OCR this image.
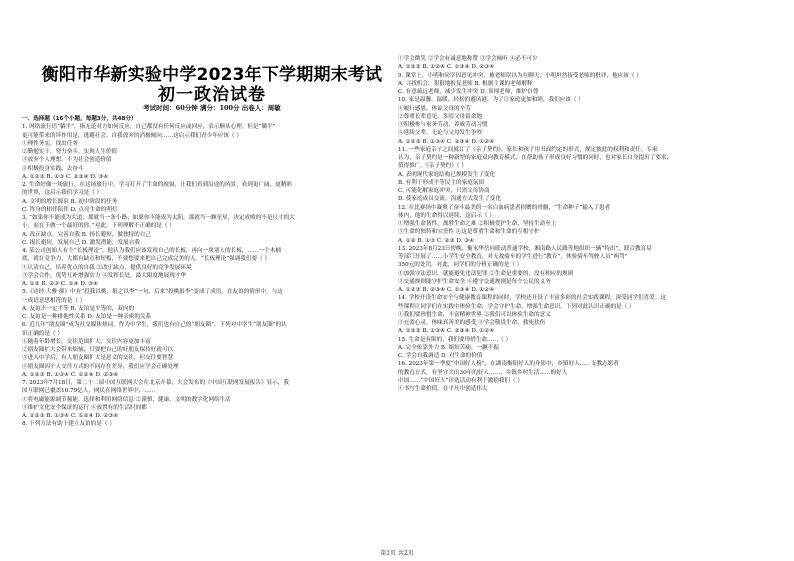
衡阳市华新实验中学2023年下学期期末考试
初一政治试卷
考试时间：60分钟 满分：100分 出卷人：周敏
一、选择题（16个小题，每题3分，共48分）
1. 网络流行语“躺平”，指无论对方如何反应，自己都没有任何反应或回应，表示顺从心理。但是“躺平”
更可能带来的坏作用是，逃避社会、自我放弃的消极倾向……这启示我们青少年应该（ ）
①理性务实，找出任务
②勤勉实干，努力奋斗，实现人生价值
③放弃个人理想，不为社会创造价值
④积极投身实践，去奋斗
A. ①②③ B. ①③ C. ②③④ D. ③④
2. 生命好像一场旅行，在这场旅行中，学习打开了生命的视窗，让我们看到沿途的风景，看到更广阔、更精彩
的世界，这启示我们学习是（ ）
A. 文明的增长源泉 B. 初中阶段的任务
C. 终身的相伴陪伴 D. 点亮生命的明灯
3. “如果你不能成为大道，那就当一条小路；如果你不能成为太阳，那就当一颗星星，决定成败的不是尺寸的大
小，而在于做一个最好的你。”对此，下列理解不正确的是（ ）
A. 改正缺点，完善自我 B. 扬长避短，做独特的自己
C. 揭长避短，发展自己 D. 激发潜能，发展自我
4. 某公司创始人有个“长板理论”，他认为我们应该发现自己的长板，再向一块别人的长板，……一个木桶
底，就在竞争力，大都有缺点和短板，不要想要来把自己完成完美的人。“长板理论”强调我们要（ ）
①认清自己，培养优点的自我 ②改正缺点，提供良好的竞争发展环境
③学会合作，优势互补增强实力 ④发挥长处，最大限度地展现才华
A. ①② B. ②③ C. ①④ D. ③④
5.《诗经·大雅·抑》中有“投我以桃，报之以李”一句，后来“投桃报李”变成了成语。在友谊的情形中，与这
一成语意思相符的是（ ）
A. 友谊不一定平等 B. 友谊是平等的，双向的
C. 友谊是一种排他性关系 D. 友谊是一种亲密的关系
6. 近几年“朋友圈”成为社交媒体热词。作为中学生，我们也有自己的“朋友圈”。下列对中学生“朋友圈”的认
识正确的是（ ）
①随着年龄增长，交往范围扩大，交往内容更加丰富
②朋友圈扩大会带来烦恼，只要把自己的好朋友保持好就可以
③进入中学后，有人朋友圈扩大是意义的交往，但交往要智慧
④朋友圈因个人交往方式的不同存在差异，我们应学会正确处理
A. ①②③ B. ①③④ C. ①②④ D. ②③④
7. 2023年7月18日，第二十二届中国互联网大会在北京开幕，大会发布的《中国互联网发展报告》显示，我
国互联网已覆盖10.79亿人，网民在网络世界中，……
①将电磁能源调节频能，选择和利用网络信息 ②谨慎，健康、文明的数字化网络生活
③维护文化安全保证的运行 ④放置有的生活时间都
A. ①②③ B. ①③④ C. ①②④ D. ②③④
8. 下列方法有助于建立友谊的是（ ）
①学会微笑 ②学会有诚意地称赞 ③学会倾听 ④必不可少
A. ①②③ B. ①②④ C. ①③④ D. ②③④
9. 课堂上，小明和同学因意见冲突，被老师误以为在聊天，小明坦然接受老师的批评，他应该（ ）
A. 寻找机会，狠狠地报复老师 B. 根据主课的老师解释
C. 有意疏远老师，减少发生冲突 D. 顶撞老师，维护自尊
10. 家是温馨、温暖、轻松的避风港，为了让家庭更加和睦，我们应该（ ）
①履行感恩，体谅父母的辛劳
②尊重长辈意见，多给父母留余地
③积极参与家务劳动，养成劳动习惯
④延续父辈，无论与父母发生争吵
A. ①②③ B. ①③④ C. ②③④ D. ①②④
11. 一些家庭亲子之间就订了《亲子契约》，家长和孩子用书面约定的形式，规定彼此的权利和责任。专家
认为，亲子契约是一种新型的家庭双向教育模式，在帮助孩子形成良好习惯的同时，也对家长自身提出了要求，
值得推广。《亲子契约》（ ）
A. 表明现代家庭结构已规模发生了变化
B. 有利于形成平等民主的家庭氛围
C. 可能化解家庭冲突，只需父母协商
D. 使家庭成员交流、沟通方式发生了变化
12. 在比赛场中凝聚了奋斗最美的一名白血病患者捐赠的骨髓，“生命种子”输入了患者
体内，他的生命得以延续，这启示（ ）
①增强生命韧性，战胜生命之难 ②积极爱护生命，坚持生命至上
③生命的独特和宝贵性 ④这是尊重生命和生命的互相守护
A. ①② B. ①③ C. ②③ D. ③④
13. 2023年8月23日傍晚，衡永华岳向联动普通学校，湘南路人民路等地组织一辆“特出”，联合教育局
等部门开展了……小学生安全教育，对无故骑车的学生进行“教育”，体验骑车驾驶人员“两驾”
350元的处罚，对此，同学们的分析正确的是（ ）
①加强守法意识，就能避免违法犯罪 ②生命是重要的，没有相应的规则
③交通规则能守护生命安全 ④遵守交通规则是每个公民的义务
A. ①②③ B. ②③④ C. ①③④ D. ①②④
14. 学校开设生命安全与健康教育课程的同时，学校还开设了丰富多彩的社会实践课程，深受同学们喜爱。这
些课程让同学们在实践中体验生命，学会守护生命，增强生命意识。下列对此认识正确的是（ ）
①我们要珍惜生命，丰富精神世界 ②我们可以体验生命的意义
③充盈心灵，体味真善美的感受 ④学会敬畏生命，救死扶伤
A. ①②③ B. ①③④ C. ②③④ D. ①②④
15. 生命是有限的，我们要珍惜生命……（ ）
A. 完全依靠外力 B. 缩短苦痛，一蹶不振
C. 学会自我调适 D. 对生命的价值
16. 2023年第一季度“中国好人榜”，在湖南衡阳好人的身影中，乡镇好人……支教志愿者
的教育方式，有坚守大山30年的好人……，乡镇乡村生活……的好人
中国……“中国好人”评选活动有利于激励我们（ ）
①书写生命价值，在平凡中创造伟大
第1页 共2页
